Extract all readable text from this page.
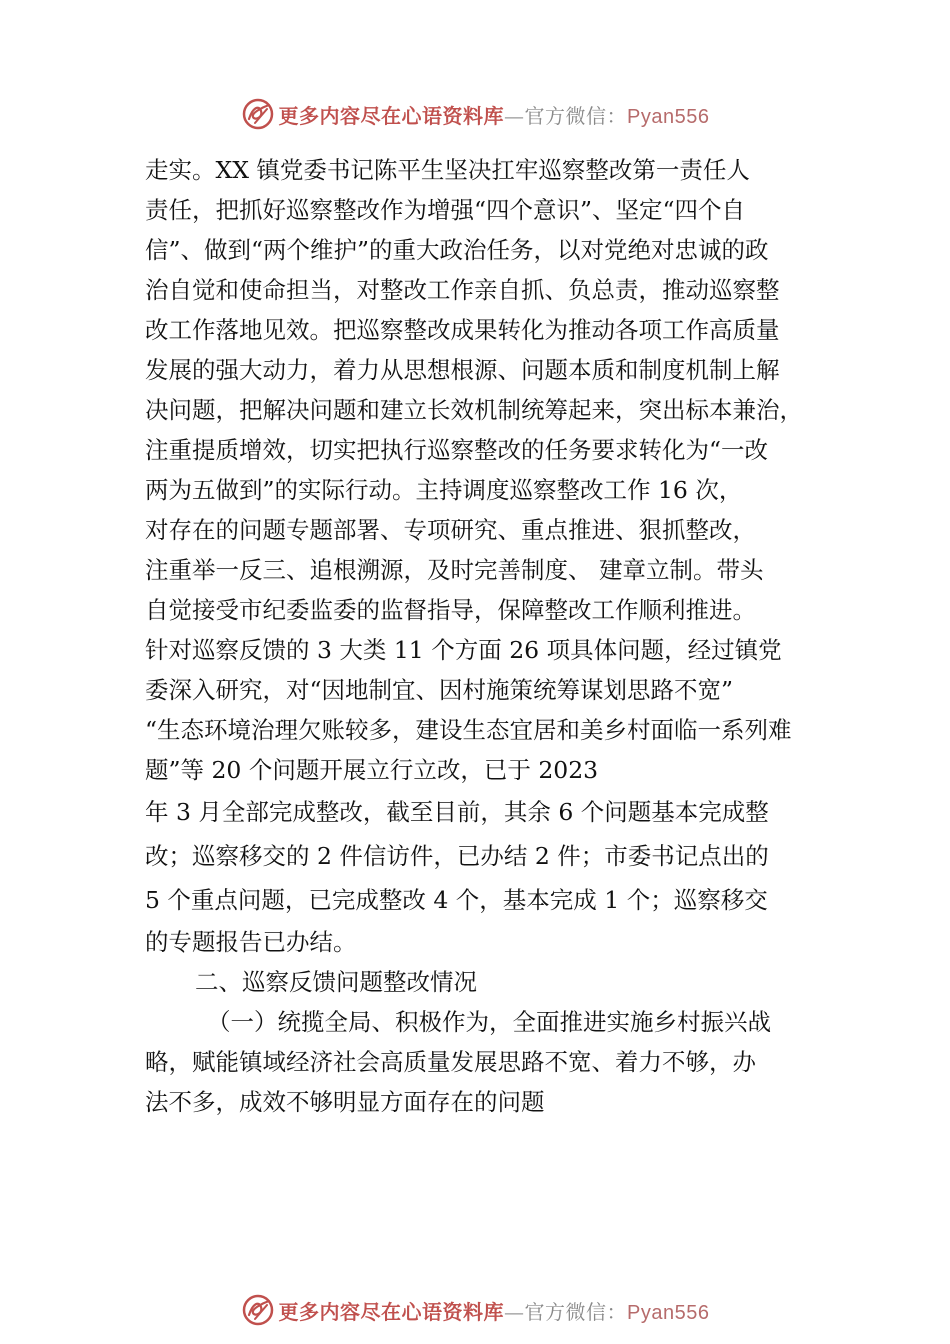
更多内容尽在心语资料库—官方微信：Pyan556
走实。XX 镇党委书记陈平生坚决扛牢巡察整改第一责任人
责任，把抓好巡察整改作为增强“四个意识”、坚定“四个自
信”、做到“两个维护”的重大政治任务，以对党绝对忠诚的政
治自觉和使命担当，对整改工作亲自抓、负总责，推动巡察整
改工作落地见效。把巡察整改成果转化为推动各项工作高质量
发展的强大动力，着力从思想根源、问题本质和制度机制上解
决问题，把解决问题和建立长效机制统筹起来，突出标本兼治，
注重提质增效，切实把执行巡察整改的任务要求转化为“一改
两为五做到”的实际行动。主持调度巡察整改工作 16 次，
对存在的问题专题部署、专项研究、重点推进、狠抓整改，
注重举一反三、追根溯源，及时完善制度、 建章立制。带头
自觉接受市纪委监委的监督指导，保障整改工作顺利推进。
针对巡察反馈的 3 大类 11 个方面 26 项具体问题，经过镇党
委深入研究，对“因地制宜、因村施策统筹谋划思路不宽”
“生态环境治理欠账较多，建设生态宜居和美乡村面临一系列难
题”等 20 个问题开展立行立改，已于 2023
年 3 月全部完成整改，截至目前，其余 6 个问题基本完成整
改；巡察移交的 2 件信访件，已办结 2 件；市委书记点出的
5 个重点问题，已完成整改 4 个，基本完成 1 个；巡察移交
的专题报告已办结。
二、巡察反馈问题整改情况
（一）统揽全局、积极作为，全面推进实施乡村振兴战
略，赋能镇域经济社会高质量发展思路不宽、着力不够，办
法不多，成效不够明显方面存在的问题
更多内容尽在心语资料库—官方微信：Pyan556
